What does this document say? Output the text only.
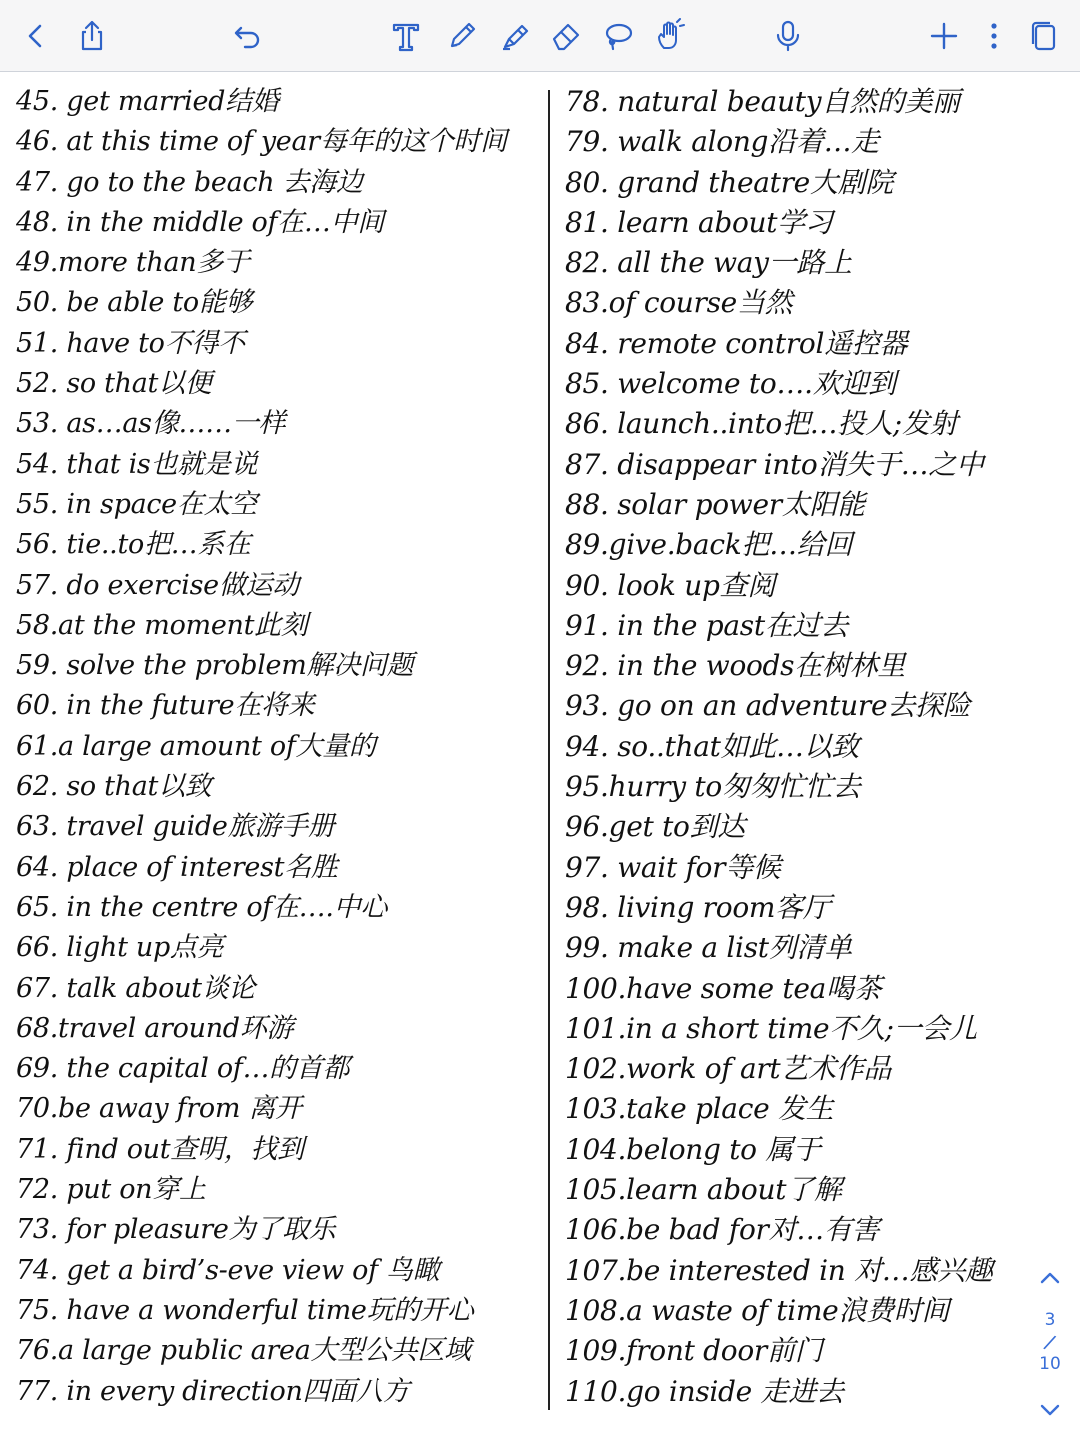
45. get married结婚
46. at this time of year每年的这个时间
47. go to the beach 去海边
48. in the middle of在…中间
49.more than多于
50. be able to能够
51. have to不得不
52. so that以便
53. as…as像……一样
54. that is也就是说
55. in space在太空
56. tie..to把…系在
57. do exercise做运动
58.at the moment此刻
59. solve the problem解决问题
60. in the future在将来
61.a large amount of大量的
62. so that以致
63. travel guide旅游手册
64. place of interest名胜
65. in the centre of在….中心
66. light up点亮
67. talk about谈论
68.travel around环游
69. the capital of…的首都
70.be away from 离开
71. find out查明，找到
72. put on穿上
73. for pleasure为了取乐
74. get a bird’s-eve view of 鸟瞰
75. have a wonderful time玩的开心
76.a large public area大型公共区域
77. in every direction四面八方
78. natural beauty自然的美丽
79. walk along沿着…走
80. grand theatre大剧院
81. learn about学习
82. all the way一路上
83.of course当然
84. remote control遥控器
85. welcome to….欢迎到
86. launch..into把…投人;发射
87. disappear into消失于…之中
88. solar power太阳能
89.give.back把…给回
90. look up查阅
91. in the past在过去
92. in the woods在树林里
93. go on an adventure去探险
94. so..that如此…以致
95.hurry to匆匆忙忙去
96.get to到达
97. wait for等候
98. living room客厅
99. make a list列清单
100.have some tea喝茶
101.in a short time不久;一会儿
102.work of art艺术作品
103.take place 发生
104.belong to 属于
105.learn about了解
106.be bad for对…有害
107.be interested in 对…感兴趣
108.a waste of time浪费时间
109.front door前门
110.go inside 走进去
3
/
10
